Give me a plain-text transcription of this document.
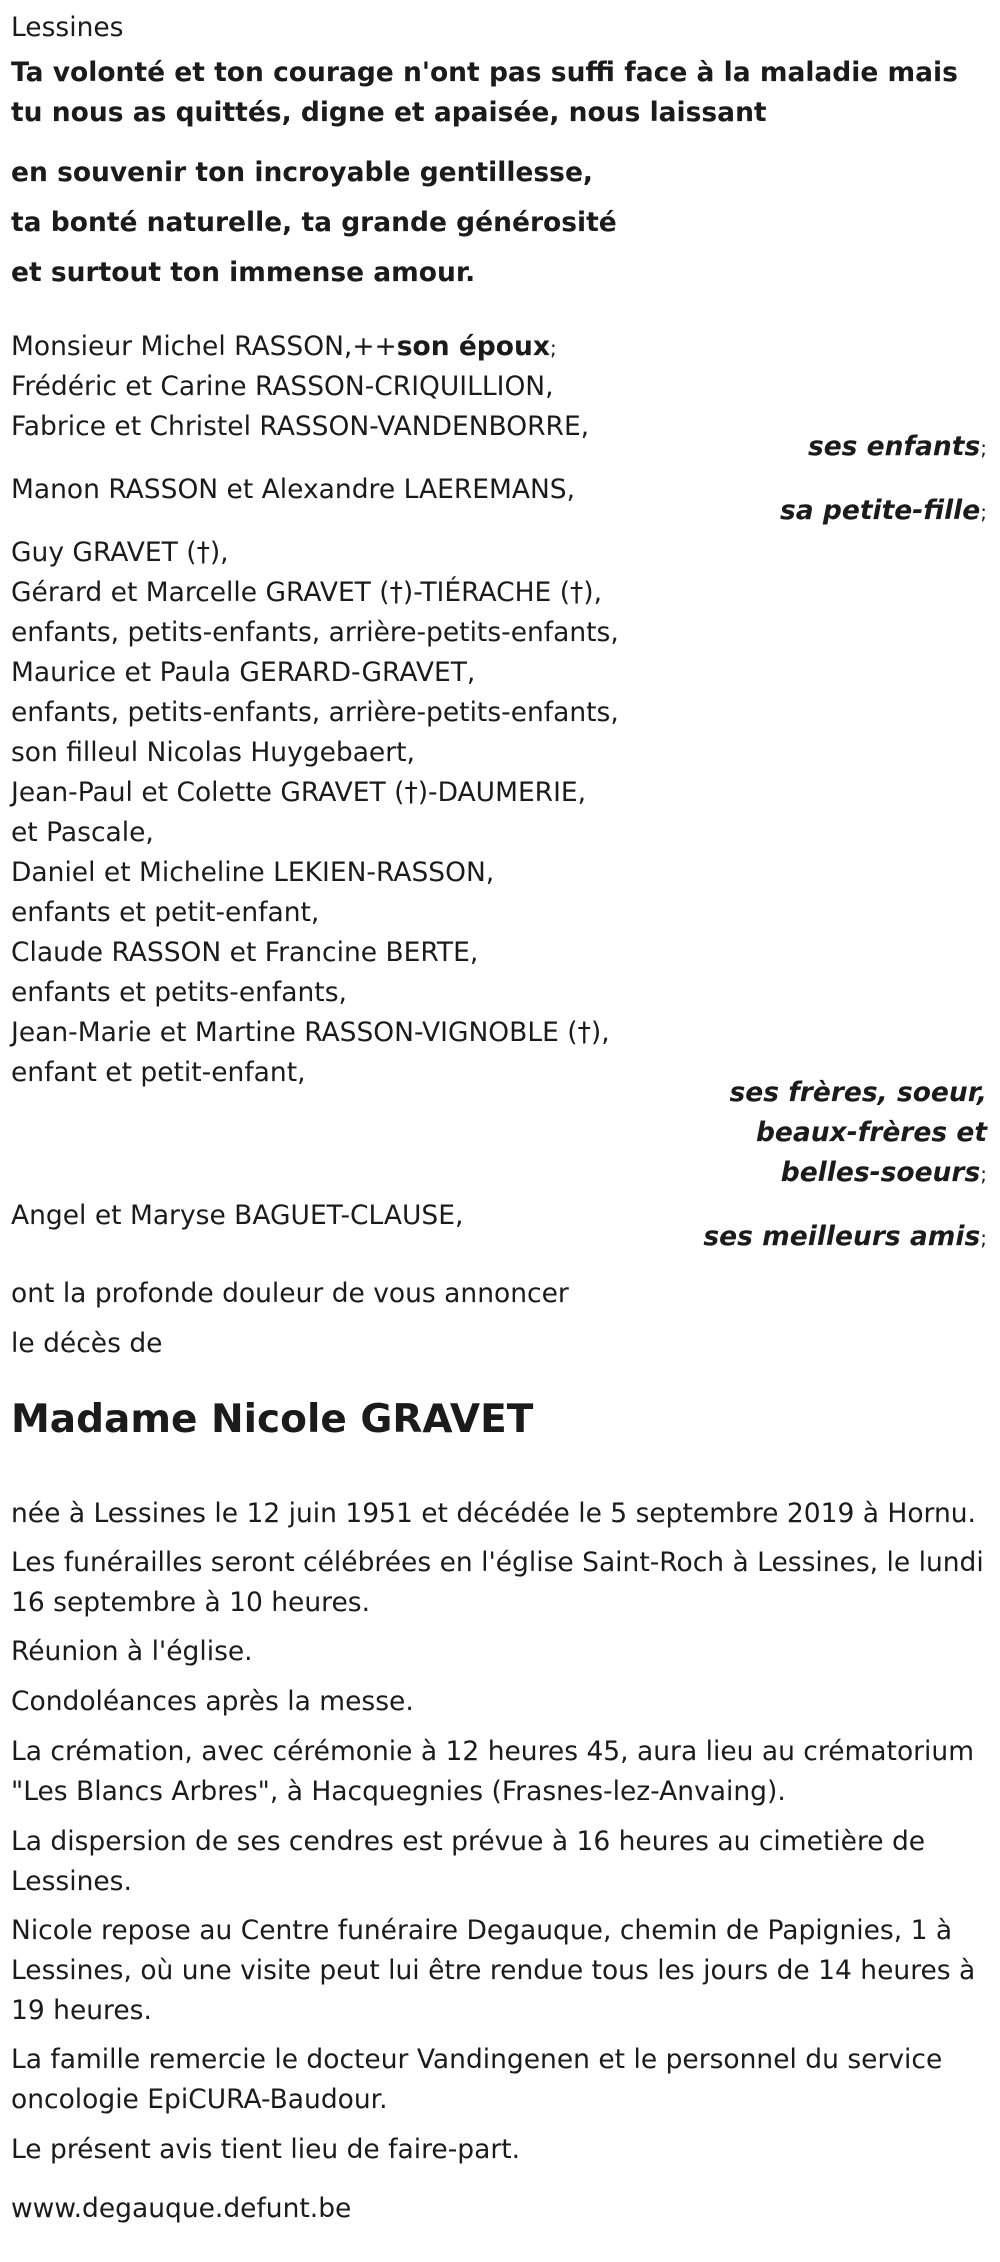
Lessines
Ta volonté et ton courage n'ont pas suffi face à la maladie mais tu nous as quittés, digne et apaisée, nous laissant
en souvenir ton incroyable gentillesse,
ta bonté naturelle, ta grande générosité
et surtout ton immense amour.
Monsieur Michel RASSON,++son époux;
Frédéric et Carine RASSON-CRIQUILLION,
Fabrice et Christel RASSON-VANDENBORRE,
ses enfants;
Manon RASSON et Alexandre LAEREMANS,
sa petite-fille;
Guy GRAVET (†),
Gérard et Marcelle GRAVET (†)-TIÉRACHE (†),
enfants, petits-enfants, arrière-petits-enfants,
Maurice et Paula GERARD-GRAVET,
enfants, petits-enfants, arrière-petits-enfants,
son filleul Nicolas Huygebaert,
Jean-Paul et Colette GRAVET (†)-DAUMERIE,
et Pascale,
Daniel et Micheline LEKIEN-RASSON,
enfants et petit-enfant,
Claude RASSON et Francine BERTE,
enfants et petits-enfants,
Jean-Marie et Martine RASSON-VIGNOBLE (†),
enfant et petit-enfant,
ses frères, soeur,
beaux-frères et
belles-soeurs;
Angel et Maryse BAGUET-CLAUSE,
ses meilleurs amis;
ont la profonde douleur de vous annoncer
le décès de
Madame Nicole GRAVET
née à Lessines le 12 juin 1951 et décédée le 5 septembre 2019 à Hornu.
Les funérailles seront célébrées en l'église Saint-Roch à Lessines, le lundi 16 septembre à 10 heures.
Réunion à l'église.
Condoléances après la messe.
La crémation, avec cérémonie à 12 heures 45, aura lieu au crématorium "Les Blancs Arbres", à Hacquegnies (Frasnes-lez-Anvaing).
La dispersion de ses cendres est prévue à 16 heures au cimetière de Lessines.
Nicole repose au Centre funéraire Degauque, chemin de Papignies, 1 à Lessines, où une visite peut lui être rendue tous les jours de 14 heures à 19 heures.
La famille remercie le docteur Vandingenen et le personnel du service oncologie EpiCURA-Baudour.
Le présent avis tient lieu de faire-part.
www.degauque.defunt.be
